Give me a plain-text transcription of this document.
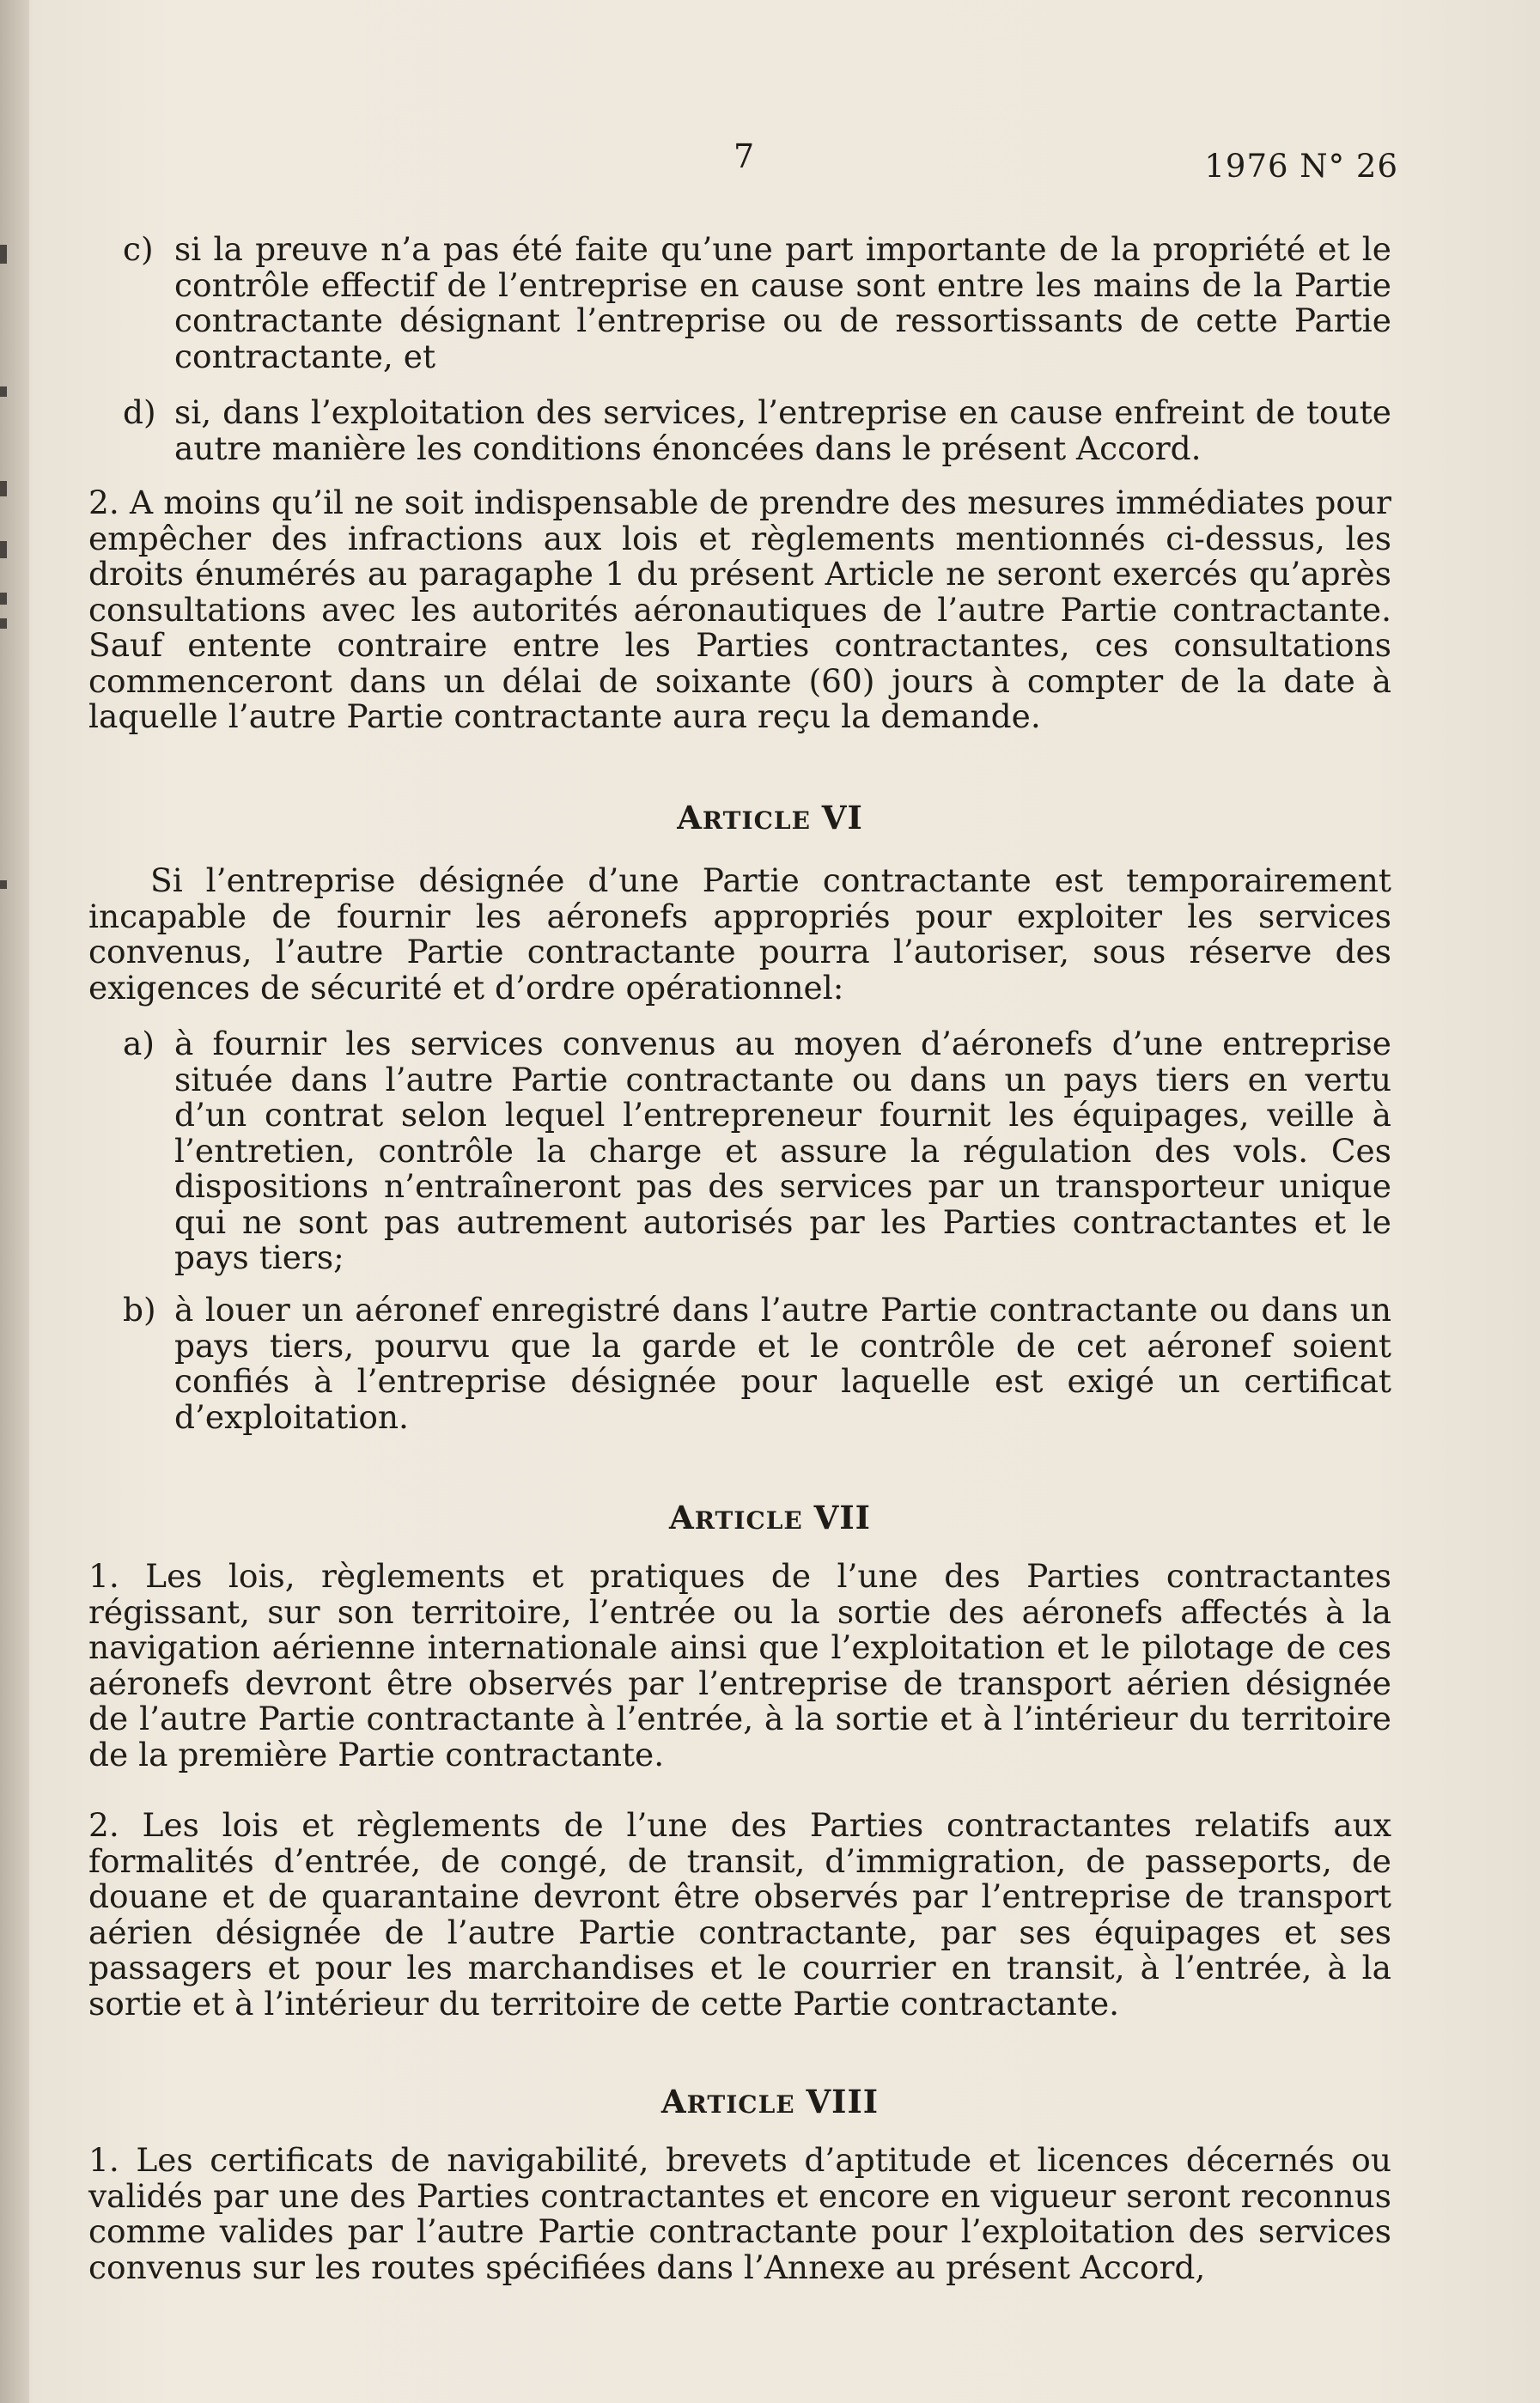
7	1976 N° 26

c) si la preuve n’a pas été faite qu’une part importante de la propriété et le contrôle effectif de l’entreprise en cause sont entre les mains de la Partie contractante désignant l’entreprise ou de ressortissants de cette Partie contractante, et

d) si, dans l’exploitation des services, l’entreprise en cause enfreint de toute autre manière les conditions énoncées dans le présent Accord.

2. A moins qu’il ne soit indispensable de prendre des mesures immédiates pour empêcher des infractions aux lois et règlements mentionnés ci-dessus, les droits énumérés au paragaphe 1 du présent Article ne seront exercés qu’après consultations avec les autorités aéronautiques de l’autre Partie contractante. Sauf entente contraire entre les Parties contractantes, ces consultations commenceront dans un délai de soixante (60) jours à compter de la date à laquelle l’autre Partie contractante aura reçu la demande.

ARTICLE VI

Si l’entreprise désignée d’une Partie contractante est temporairement incapable de fournir les aéronefs appropriés pour exploiter les services convenus, l’autre Partie contractante pourra l’autoriser, sous réserve des exigences de sécurité et d’ordre opérationnel:

a) à fournir les services convenus au moyen d’aéronefs d’une entreprise située dans l’autre Partie contractante ou dans un pays tiers en vertu d’un contrat selon lequel l’entrepreneur fournit les équipages, veille à l’entretien, contrôle la charge et assure la régulation des vols. Ces dispositions n’entraîneront pas des services par un transporteur unique qui ne sont pas autrement autorisés par les Parties contractantes et le pays tiers;

b) à louer un aéronef enregistré dans l’autre Partie contractante ou dans un pays tiers, pourvu que la garde et le contrôle de cet aéronef soient confiés à l’entreprise désignée pour laquelle est exigé un certificat d’exploitation.

ARTICLE VII

1. Les lois, règlements et pratiques de l’une des Parties contractantes régissant, sur son territoire, l’entrée ou la sortie des aéronefs affectés à la navigation aérienne internationale ainsi que l’exploitation et le pilotage de ces aéronefs devront être observés par l’entreprise de transport aérien désignée de l’autre Partie contractante à l’entrée, à la sortie et à l’intérieur du territoire de la première Partie contractante.

2. Les lois et règlements de l’une des Parties contractantes relatifs aux formalités d’entrée, de congé, de transit, d’immigration, de passeports, de douane et de quarantaine devront être observés par l’entreprise de transport aérien désignée de l’autre Partie contractante, par ses équipages et ses passagers et pour les marchandises et le courrier en transit, à l’entrée, à la sortie et à l’intérieur du territoire de cette Partie contractante.

ARTICLE VIII

1. Les certificats de navigabilité, brevets d’aptitude et licences décernés ou validés par une des Parties contractantes et encore en vigueur seront reconnus comme valides par l’autre Partie contractante pour l’exploitation des services convenus sur les routes spécifiées dans l’Annexe au présent Accord,
